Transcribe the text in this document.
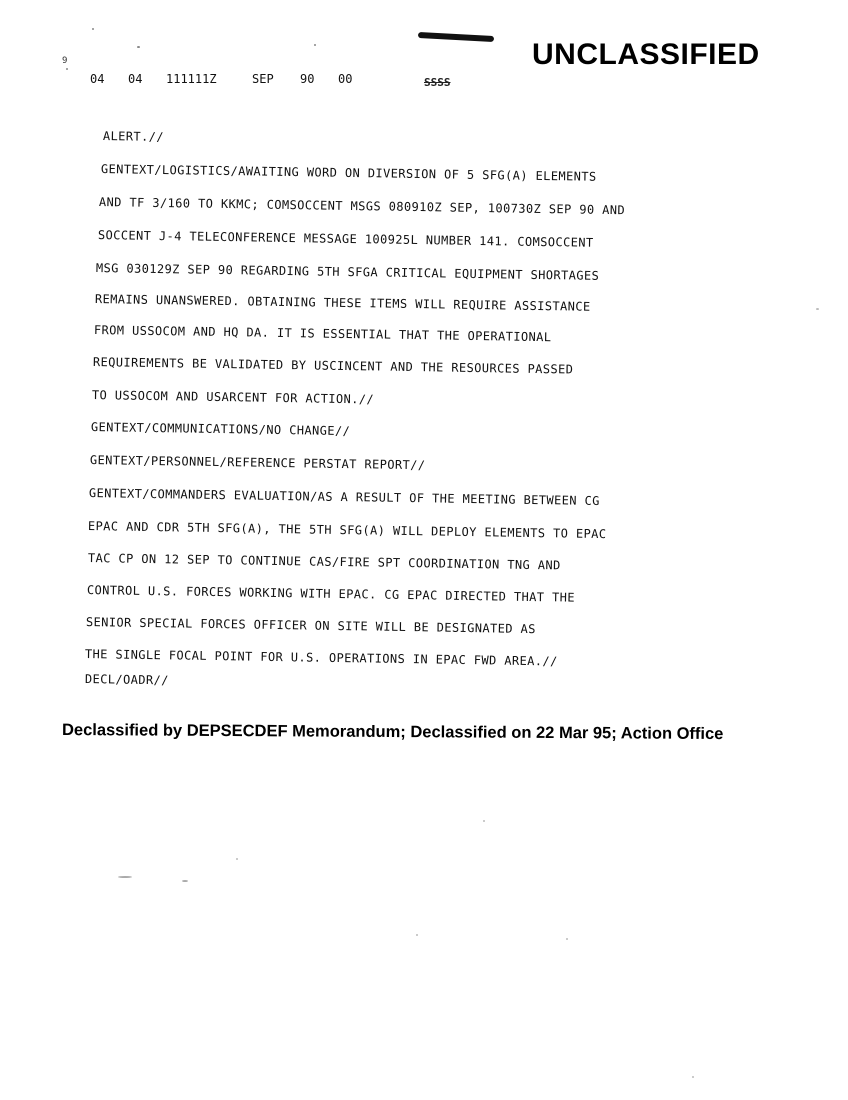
UNCLASSIFIED
9
04 04 111111Z	SEP 90 00	SSSS
ALERT.//
GENTEXT/LOGISTICS/AWAITING WORD ON DIVERSION OF 5 SFG(A) ELEMENTS
AND TF 3/160 TO KKMC; COMSOCCENT MSGS 080910Z SEP, 100730Z SEP 90 AND
SOCCENT J-4 TELECONFERENCE MESSAGE 100925L NUMBER 141. COMSOCCENT
MSG 030129Z SEP 90 REGARDING 5TH SFGA CRITICAL EQUIPMENT SHORTAGES
REMAINS UNANSWERED. OBTAINING THESE ITEMS WILL REQUIRE ASSISTANCE
FROM USSOCOM AND HQ DA. IT IS ESSENTIAL THAT THE OPERATIONAL
REQUIREMENTS BE VALIDATED BY USCINCENT AND THE RESOURCES PASSED
TO USSOCOM AND USARCENT FOR ACTION.//
GENTEXT/COMMUNICATIONS/NO CHANGE//
GENTEXT/PERSONNEL/REFERENCE PERSTAT REPORT//
GENTEXT/COMMANDERS EVALUATION/AS A RESULT OF THE MEETING BETWEEN CG
EPAC AND CDR 5TH SFG(A), THE 5TH SFG(A) WILL DEPLOY ELEMENTS TO EPAC
TAC CP ON 12 SEP TO CONTINUE CAS/FIRE SPT COORDINATION TNG AND
CONTROL U.S. FORCES WORKING WITH EPAC. CG EPAC DIRECTED THAT THE
SENIOR SPECIAL FORCES OFFICER ON SITE WILL BE DESIGNATED AS
THE SINGLE FOCAL POINT FOR U.S. OPERATIONS IN EPAC FWD AREA.//
DECL/OADR//
Declassified by DEPSECDEF Memorandum; Declassified on 22 Mar 95; Action Office
